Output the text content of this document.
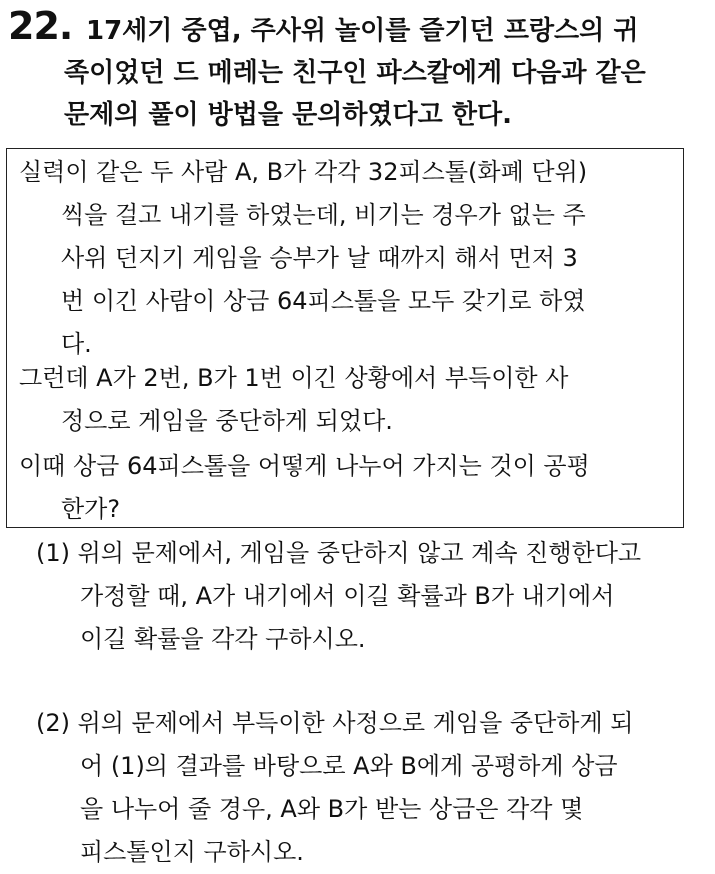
22. 17세기 중엽, 주사위 놀이를 즐기던 프랑스의 귀
족이었던 드 메레는 친구인 파스칼에게 다음과 같은
문제의 풀이 방법을 문의하였다고 한다.
실력이 같은 두 사람 A, B가 각각 32피스톨(화폐 단위)
씩을 걸고 내기를 하였는데, 비기는 경우가 없는 주
사위 던지기 게임을 승부가 날 때까지 해서 먼저 3
번 이긴 사람이 상금 64피스톨을 모두 갖기로 하였
다.
그런데 A가 2번, B가 1번 이긴 상황에서 부득이한 사
정으로 게임을 중단하게 되었다.
이때 상금 64피스톨을 어떻게 나누어 가지는 것이 공평
한가?
(1) 위의 문제에서, 게임을 중단하지 않고 계속 진행한다고
가정할 때, A가 내기에서 이길 확률과 B가 내기에서
이길 확률을 각각 구하시오.
(2) 위의 문제에서 부득이한 사정으로 게임을 중단하게 되
어 (1)의 결과를 바탕으로 A와 B에게 공평하게 상금
을 나누어 줄 경우, A와 B가 받는 상금은 각각 몇
피스톨인지 구하시오.
